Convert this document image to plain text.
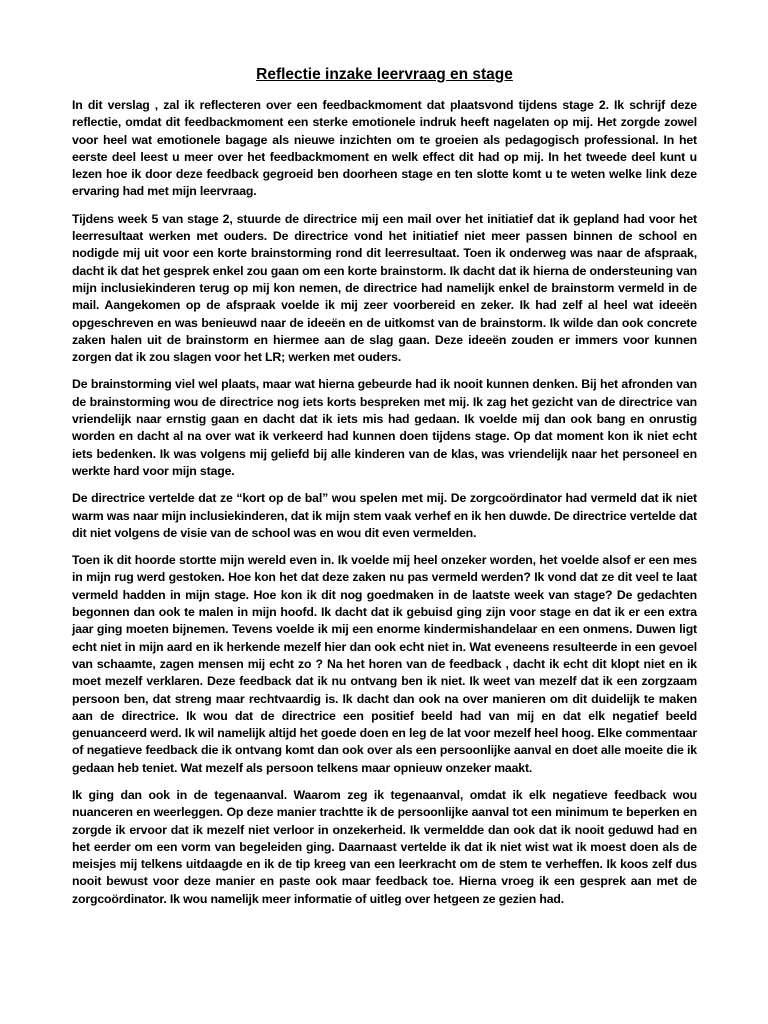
Reflectie inzake leervraag en stage

In dit verslag , zal ik reflecteren over een feedbackmoment dat plaatsvond tijdens stage 2. Ik schrijf deze reflectie, omdat dit feedbackmoment een sterke emotionele indruk heeft nagelaten op mij. Het zorgde zowel voor heel wat emotionele bagage als nieuwe inzichten om te groeien als pedagogisch professional. In het eerste deel leest u meer over het feedbackmoment en welk effect dit had op mij. In het tweede deel kunt u lezen hoe ik door deze feedback gegroeid ben doorheen stage en ten slotte komt u te weten welke link deze ervaring had met mijn leervraag.

Tijdens week 5 van stage 2, stuurde de directrice mij een mail over het initiatief dat ik gepland had voor het leerresultaat werken met ouders. De directrice vond het initiatief niet meer passen binnen de school en nodigde mij uit voor een korte brainstorming rond dit leerresultaat. Toen ik onderweg was naar de afspraak, dacht ik dat het gesprek enkel zou gaan om een korte brainstorm. Ik dacht dat ik hierna de ondersteuning van mijn inclusiekinderen terug op mij kon nemen, de directrice had namelijk enkel de brainstorm vermeld in de mail. Aangekomen op de afspraak voelde ik mij zeer voorbereid en zeker. Ik had zelf al heel wat ideeën opgeschreven en was benieuwd naar de ideeën en de uitkomst van de brainstorm. Ik wilde dan ook concrete zaken halen uit de brainstorm en hiermee aan de slag gaan. Deze ideeën zouden er immers voor kunnen zorgen dat ik zou slagen voor het LR; werken met ouders.

De brainstorming viel wel plaats, maar wat hierna gebeurde had ik nooit kunnen denken. Bij het afronden van de brainstorming wou de directrice nog iets korts bespreken met mij. Ik zag het gezicht van de directrice van vriendelijk naar ernstig gaan en dacht dat ik iets mis had gedaan. Ik voelde mij dan ook bang en onrustig worden en dacht al na over wat ik verkeerd had kunnen doen tijdens stage. Op dat moment kon ik niet echt iets bedenken. Ik was volgens mij geliefd bij alle kinderen van de klas, was vriendelijk naar het personeel en werkte hard voor mijn stage.

De directrice vertelde dat ze “kort op de bal” wou spelen met mij. De zorgcoördinator had vermeld dat ik niet warm was naar mijn inclusiekinderen, dat ik mijn stem vaak verhef en ik hen duwde. De directrice vertelde dat dit niet volgens de visie van de school was en wou dit even vermelden.

Toen ik dit hoorde stortte mijn wereld even in. Ik voelde mij heel onzeker worden, het voelde alsof er een mes in mijn rug werd gestoken. Hoe kon het dat deze zaken nu pas vermeld werden? Ik vond dat ze dit veel te laat vermeld hadden in mijn stage. Hoe kon ik dit nog goedmaken in de laatste week van stage? De gedachten begonnen dan ook te malen in mijn hoofd. Ik dacht dat ik gebuisd ging zijn voor stage en dat ik er een extra jaar ging moeten bijnemen. Tevens voelde ik mij een enorme kindermishandelaar en een onmens. Duwen ligt echt niet in mijn aard en ik herkende mezelf hier dan ook echt niet in. Wat eveneens resulteerde in een gevoel van schaamte, zagen mensen mij echt zo ? Na het horen van de feedback , dacht ik echt dit klopt niet en ik moet mezelf verklaren. Deze feedback dat ik nu ontvang ben ik niet. Ik weet van mezelf dat ik een zorgzaam persoon ben, dat streng maar rechtvaardig is. Ik dacht dan ook na over manieren om dit duidelijk te maken aan de directrice. Ik wou dat de directrice een positief beeld had van mij en dat elk negatief beeld genuanceerd werd. Ik wil namelijk altijd het goede doen en leg de lat voor mezelf heel hoog. Elke commentaar of negatieve feedback die ik ontvang komt dan ook over als een persoonlijke aanval en doet alle moeite die ik gedaan heb teniet. Wat mezelf als persoon telkens maar opnieuw onzeker maakt.

Ik ging dan ook in de tegenaanval. Waarom zeg ik tegenaanval, omdat ik elk negatieve feedback wou nuanceren en weerleggen. Op deze manier trachtte ik de persoonlijke aanval tot een minimum te beperken en zorgde ik ervoor dat ik mezelf niet verloor in onzekerheid. Ik vermeldde dan ook dat ik nooit geduwd had en het eerder om een vorm van begeleiden ging. Daarnaast vertelde ik dat ik niet wist wat ik moest doen als de meisjes mij telkens uitdaagde en ik de tip kreeg van een leerkracht om de stem te verheffen. Ik koos zelf dus nooit bewust voor deze manier en paste ook maar feedback toe. Hierna vroeg ik een gesprek aan met de zorgcoördinator. Ik wou namelijk meer informatie of uitleg over hetgeen ze gezien had.
